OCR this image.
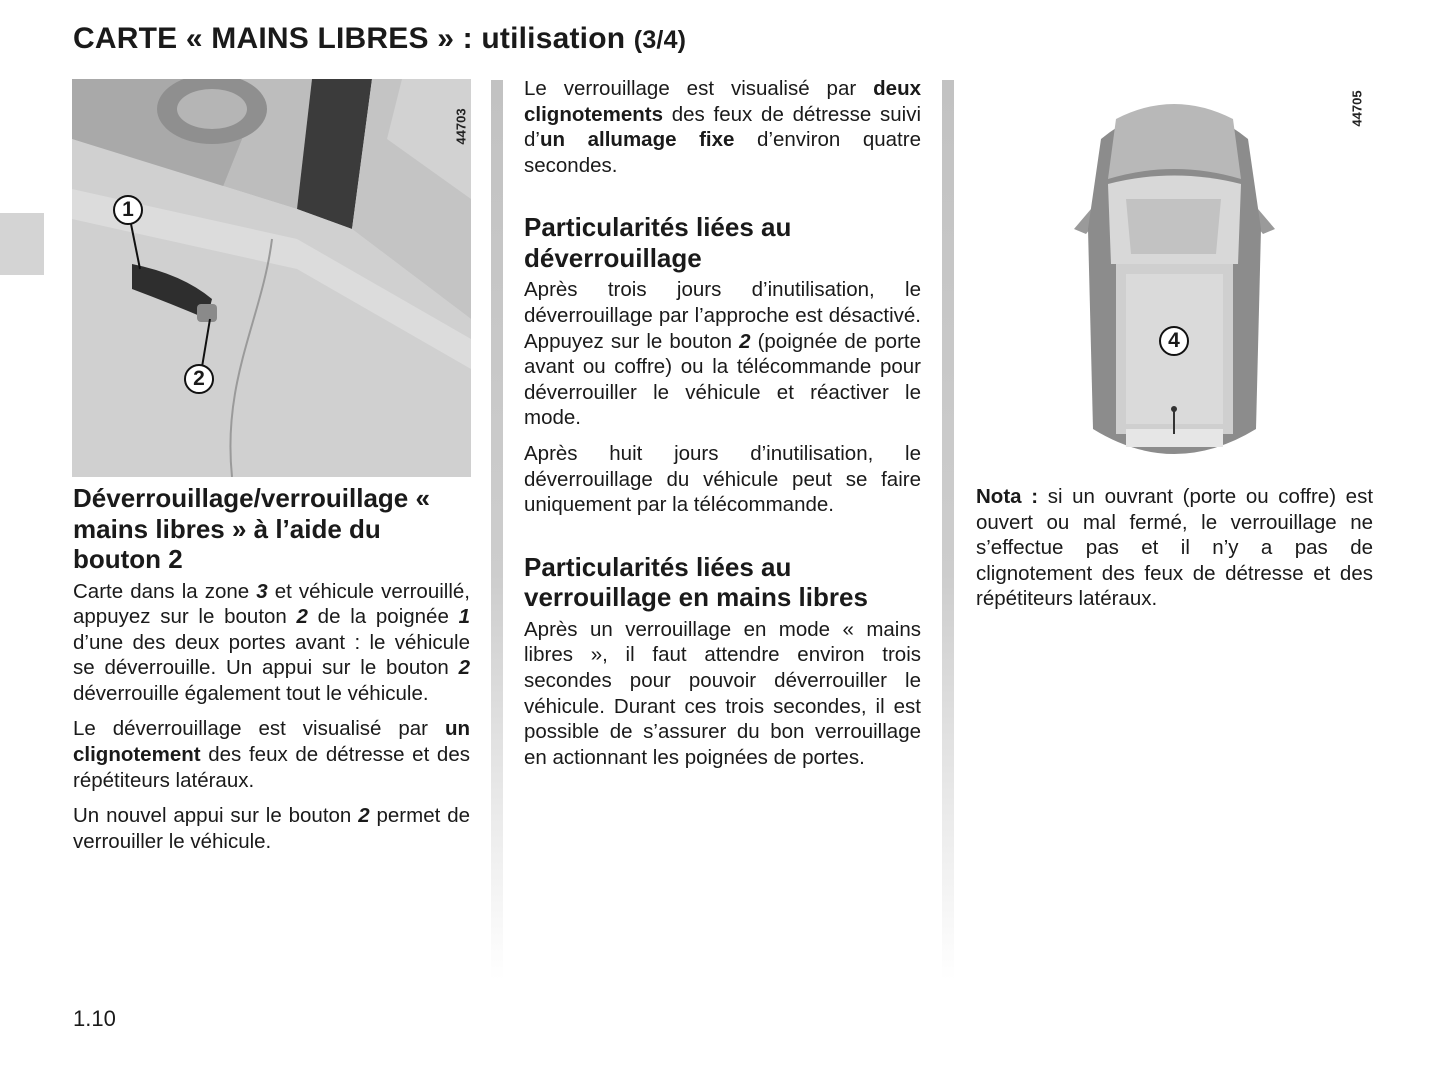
CARTE « MAINS LIBRES » : utilisation (3/4)
44703
1
2
44705
4
Déverrouillage/verrouillage « mains libres » à l’aide du bouton 2

Carte dans la zone 3 et véhicule verrouillé, appuyez sur le bouton 2 de la poignée 1 d’une des deux portes avant : le véhicule se déverrouille. Un appui sur le bouton 2 déverrouille également tout le véhicule.

Le déverrouillage est visualisé par un clignotement des feux de détresse et des répétiteurs latéraux.

Un nouvel appui sur le bouton 2 permet de verrouiller le véhicule.

Le verrouillage est visualisé par deux clignotements des feux de détresse suivi d’un allumage fixe d’environ quatre secondes.

Particularités liées au déverrouillage

Après trois jours d’inutilisation, le déverrouillage par l’approche est désactivé. Appuyez sur le bouton 2 (poignée de porte avant ou coffre) ou la télécommande pour déverrouiller le véhicule et réactiver le mode.

Après huit jours d’inutilisation, le déverrouillage du véhicule peut se faire uniquement par la télécommande.

Particularités liées au verrouillage en mains libres

Après un verrouillage en mode « mains libres », il faut attendre environ trois secondes pour pouvoir déverrouiller le véhicule. Durant ces trois secondes, il est possible de s’assurer du bon verrouillage en actionnant les poignées de portes.

Nota : si un ouvrant (porte ou coffre) est ouvert ou mal fermé, le verrouillage ne s’effectue pas et il n’y a pas de clignotement des feux de détresse et des répétiteurs latéraux.

1.10
